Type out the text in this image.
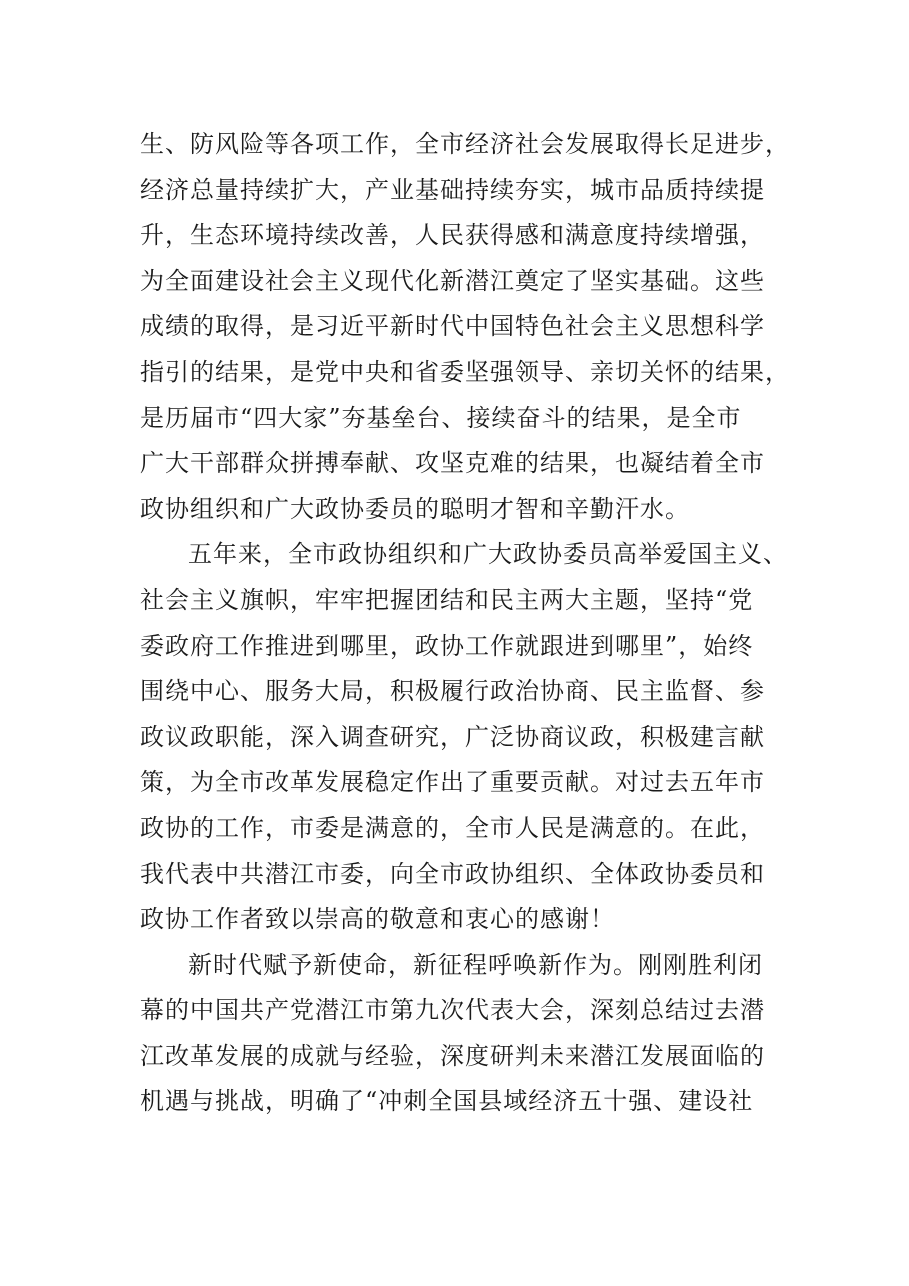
生、防风险等各项工作，全市经济社会发展取得长足进步，
经济总量持续扩大，产业基础持续夯实，城市品质持续提
升，生态环境持续改善，人民获得感和满意度持续增强，
为全面建设社会主义现代化新潜江奠定了坚实基础。这些
成绩的取得，是习近平新时代中国特色社会主义思想科学
指引的结果，是党中央和省委坚强领导、亲切关怀的结果，
是历届市“四大家”夯基垒台、接续奋斗的结果，是全市
广大干部群众拼搏奉献、攻坚克难的结果，也凝结着全市
政协组织和广大政协委员的聪明才智和辛勤汗水。
五年来，全市政协组织和广大政协委员高举爱国主义、
社会主义旗帜，牢牢把握团结和民主两大主题，坚持“党
委政府工作推进到哪里，政协工作就跟进到哪里”，始终
围绕中心、服务大局，积极履行政治协商、民主监督、参
政议政职能，深入调查研究，广泛协商议政，积极建言献
策，为全市改革发展稳定作出了重要贡献。对过去五年市
政协的工作，市委是满意的，全市人民是满意的。在此，
我代表中共潜江市委，向全市政协组织、全体政协委员和
政协工作者致以崇高的敬意和衷心的感谢！
新时代赋予新使命，新征程呼唤新作为。刚刚胜利闭
幕的中国共产党潜江市第九次代表大会，深刻总结过去潜
江改革发展的成就与经验，深度研判未来潜江发展面临的
机遇与挑战，明确了“冲刺全国县域经济五十强、建设社
